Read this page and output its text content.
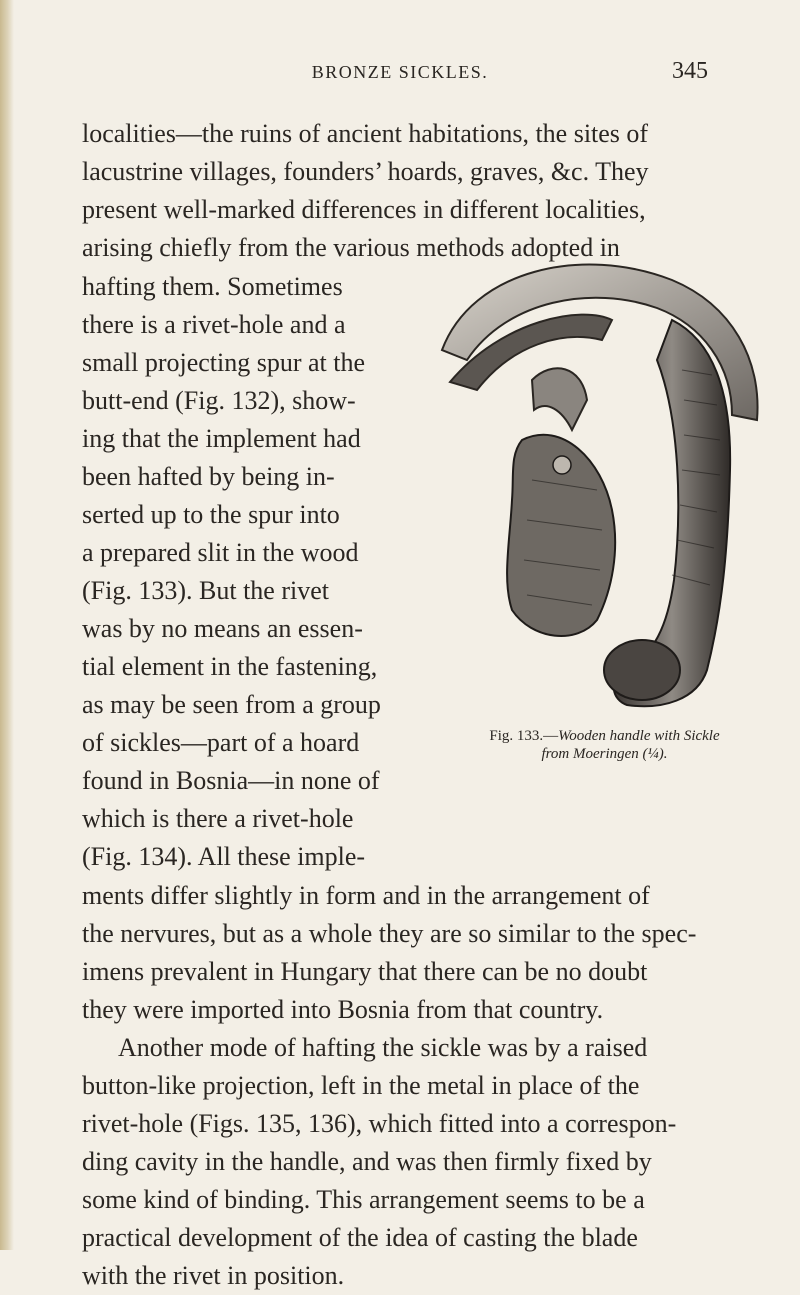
BRONZE SICKLES.	345
localities—the ruins of ancient habitations, the sites of
lacustrine villages, founders’ hoards, graves, &c. They
present well-marked differences in different localities,
arising chiefly from the various methods adopted in
hafting them. Sometimes
there is a rivet-hole and a
small projecting spur at the
butt-end (Fig. 132), show-
ing that the implement had
been hafted by being in-
serted up to the spur into
a prepared slit in the wood
(Fig. 133). But the rivet
was by no means an essen-
tial element in the fastening,
as may be seen from a group
of sickles—part of a hoard
found in Bosnia—in none of
which is there a rivet-hole
(Fig. 134). All these imple-
ments differ slightly in form and in the arrangement of
the nervures, but as a whole they are so similar to the spec-
imens prevalent in Hungary that there can be no doubt
they were imported into Bosnia from that country.
Another mode of hafting the sickle was by a raised
button-like projection, left in the metal in place of the
rivet-hole (Figs. 135, 136), which fitted into a correspon-
ding cavity in the handle, and was then firmly fixed by
some kind of binding. This arrangement seems to be a
practical development of the idea of casting the blade
with the rivet in position.
Fig. 133.—Wooden handle with Sickle
from Moeringen (¼).
